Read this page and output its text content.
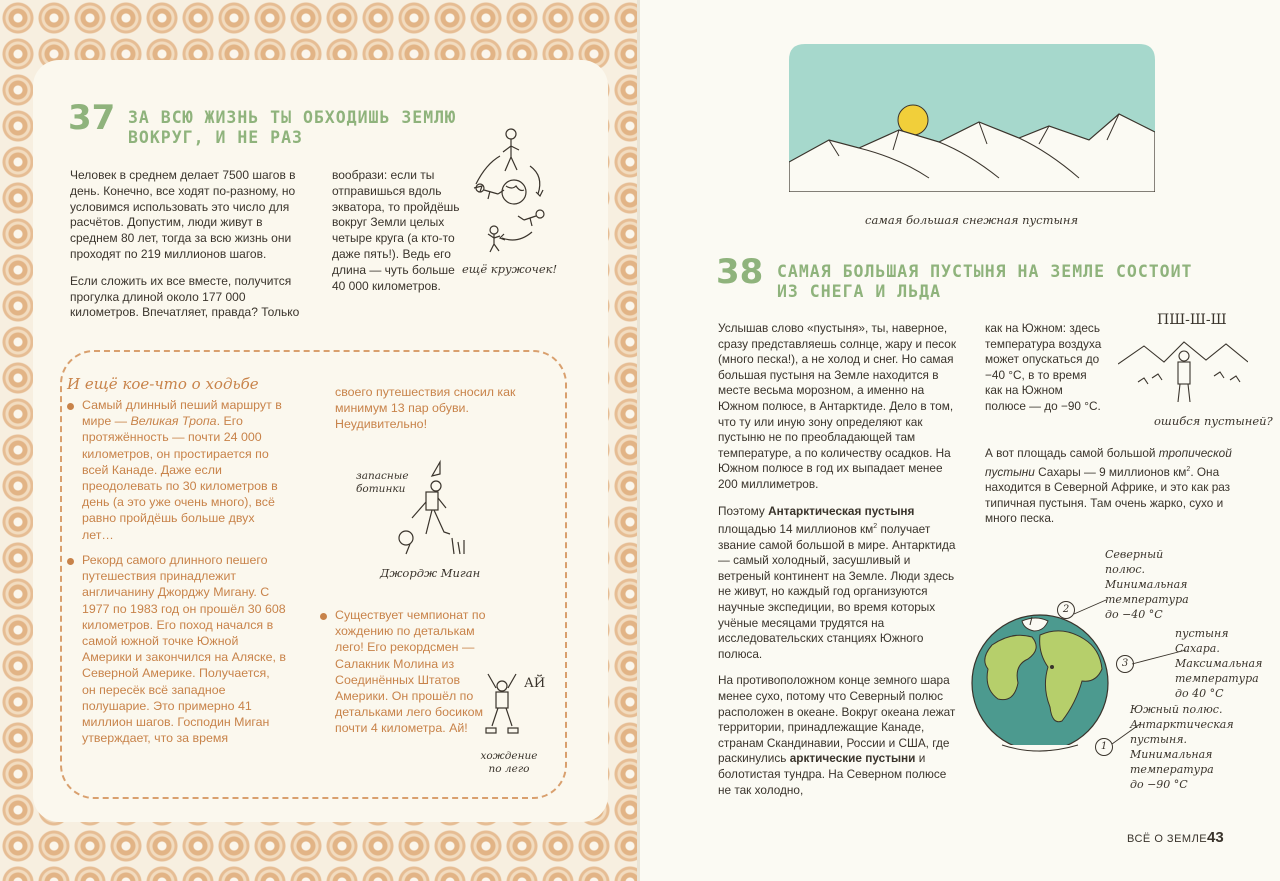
37 ЗА ВСЮ ЖИЗНЬ ТЫ ОБХОДИШЬ ЗЕМЛЮ
ВОКРУГ, И НЕ РАЗ

Человек в среднем делает 7500 шагов в день. Конечно, все ходят по-разному, но условимся использовать это число для расчётов. Допустим, люди живут в среднем 80 лет, тогда за всю жизнь они проходят по 219 миллионов шагов.

Если сложить их все вместе, получится прогулка длиной около 177 000 километров. Впечатляет, правда? Только

вообрази: если ты отправишься вдоль экватора, то пройдёшь вокруг Земли целых четыре круга (а кто-то даже пять!). Ведь его длина — чуть больше 40 000 километров.

ещё кружочек!
И ещё кое-что о ходьбе
Самый длинный пеший маршрут в мире — Великая Тропа. Его протяжённость — почти 24 000 километров, он простирается по всей Канаде. Даже если преодолевать по 30 километров в день (а это уже очень много), всё равно пройдёшь больше двух лет…
Рекорд самого длинного пешего путешествия принадлежит англичанину Джорджу Мигану. С 1977 по 1983 год он прошёл 30 608 километров. Его поход начался в самой южной точке Южной Америки и закончился на Аляске, в Северной Америке. Получается, он пересёк всё западное полушарие. Это примерно 41 миллион шагов. Господин Миган утверждает, что за время
своего путешествия сносил как минимум 13 пар обуви. Неудивительно!
запасные ботинки
Джордж Миган
Существует чемпионат по хождению по деталькам лего! Его рекордсмен — Салакник Молина из Соединённых Штатов Америки. Он прошёл по детальками лего босиком почти 4 километра. Ай!
АЙ
хождение по лего
самая большая снежная пустыня
38 САМАЯ БОЛЬШАЯ ПУСТЫНЯ НА ЗЕМЛЕ СОСТОИТ
ИЗ СНЕГА И ЛЬДА

Услышав слово «пустыня», ты, наверное, сразу представляешь солнце, жару и песок (много песка!), а не холод и снег. Но самая большая пустыня на Земле находится в месте весьма морозном, а именно на Южном полюсе, в Антарктиде. Дело в том, что ту или иную зону определяют как пустыню не по преобладающей там температуре, а по количеству осадков. На Южном полюсе в год их выпадает менее 200 миллиметров.

Поэтому Антарктическая пустыня площадью 14 миллионов $км^2$ получает звание самой большой в мире. Антарктида — самый холодный, засушливый и ветреный континент на Земле. Люди здесь не живут, но каждый год организуются научные экспедиции, во время которых учёные месяцами трудятся на исследовательских станциях Южного полюса.

На противоположном конце земного шара менее сухо, потому что Северный полюс расположен в океане. Вокруг океана лежат территории, принадлежащие Канаде, странам Скандинавии, России и США, где раскинулись арктические пустыни и болотистая тундра. На Северном полюсе не так холодно,

как на Южном: здесь температура воздуха может опускаться до −40 °С, в то время как на Южном полюсе — до −90 °С.

А вот площадь самой большой тропической пустыни Сахары — 9 миллионов $км^2$. Она находится в Северной Африке, и это как раз типичная пустыня. Там очень жарко, сухо и много песка.

ПШ-Ш-Ш
ошибся пустыней?
2
3
1
Северный полюс. Минимальная температура до −40 °С
пустыня Сахара. Максимальная температура до 40 °С
Южный полюс. Антарктическая пустыня. Минимальная температура до −90 °С
ВСЁ О ЗЕМЛЕ 43
